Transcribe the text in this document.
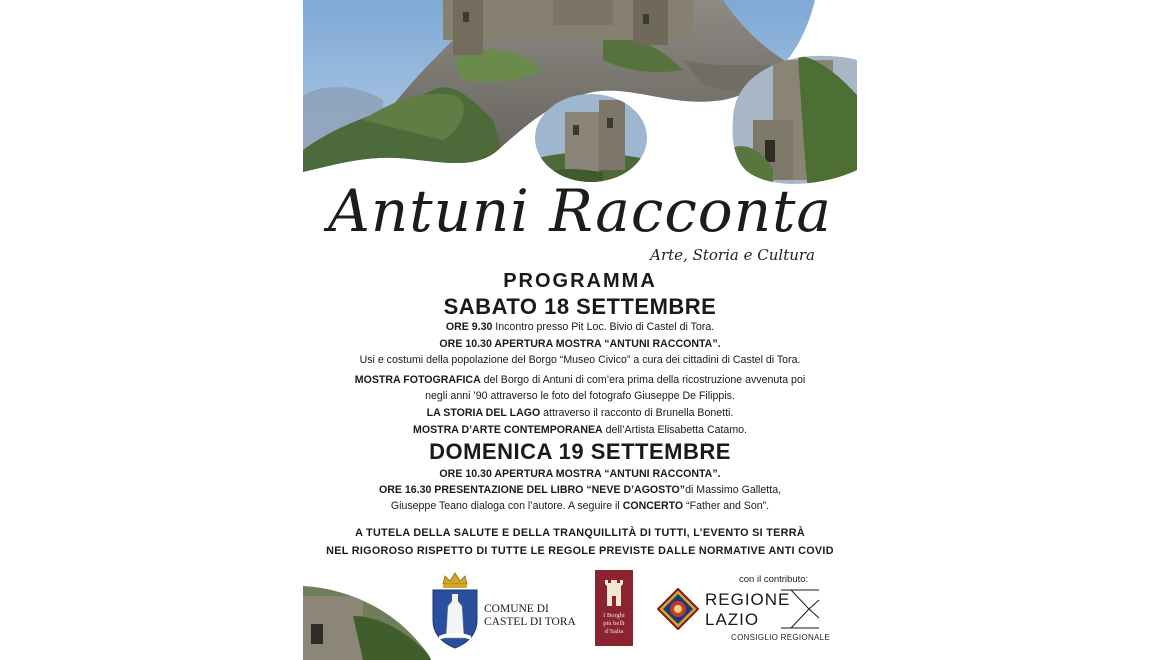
Antuni Racconta
Arte, Storia e Cultura
PROGRAMMA
SABATO 18 SETTEMBRE
ORE 9.30 Incontro presso Pit Loc. Bivio di Castel di Tora.
ORE 10.30 APERTURA MOSTRA “ANTUNI RACCONTA”.
Usi e costumi della popolazione del Borgo “Museo Civico” a cura dei cittadini di Castel di Tora.
MOSTRA FOTOGRAFICA del Borgo di Antuni di com’era prima della ricostruzione avvenuta poi
negli anni ’90 attraverso le foto del fotografo Giuseppe De Filippis.
LA STORIA DEL LAGO attraverso il racconto di Brunella Bonetti.
MOSTRA D’ARTE CONTEMPORANEA dell’Artista Elisabetta Catamo.
DOMENICA 19 SETTEMBRE
ORE 10.30 APERTURA MOSTRA “ANTUNI RACCONTA”.
ORE 16.30 PRESENTAZIONE DEL LIBRO “NEVE D’AGOSTO”di Massimo Galletta,
Giuseppe Teano dialoga con l’autore. A seguire il CONCERTO “Father and Son”.
A TUTELA DELLA SALUTE E DELLA TRANQUILLITÀ DI TUTTI, L’EVENTO SI TERRÀ
NEL RIGOROSO RISPETTO DI TUTTE LE REGOLE PREVISTE DALLE NORMATIVE ANTI COVID
COMUNE DI
CASTEL DI TORA
I Borghi
più belli
d’Italia
con il contributo:
REGIONE
LAZIO
CONSIGLIO REGIONALE
